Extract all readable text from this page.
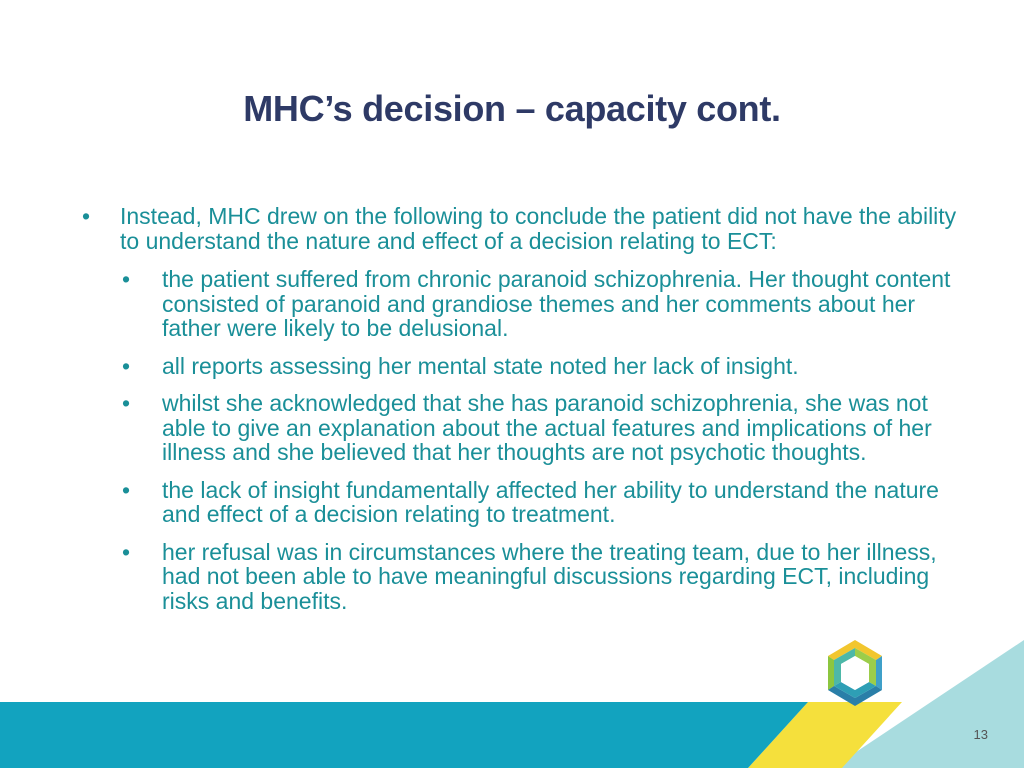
MHC’s decision – capacity cont.
•	Instead, MHC drew on the following to conclude the patient did not have the ability to understand the nature and effect of a decision relating to ECT:
•	the patient suffered from chronic paranoid schizophrenia. Her thought content consisted of paranoid and grandiose themes and her comments about her father were likely to be delusional.
•	all reports assessing her mental state noted her lack of insight.
•	whilst she acknowledged that she has paranoid schizophrenia, she was not able to give an explanation about the actual features and implications of her illness and she believed that her thoughts are not psychotic thoughts.
•	the lack of insight fundamentally affected her ability to understand the nature and effect of a decision relating to treatment.
•	her refusal was in circumstances where the treating team, due to her illness, had not been able to have meaningful discussions regarding ECT, including risks and benefits.
13
